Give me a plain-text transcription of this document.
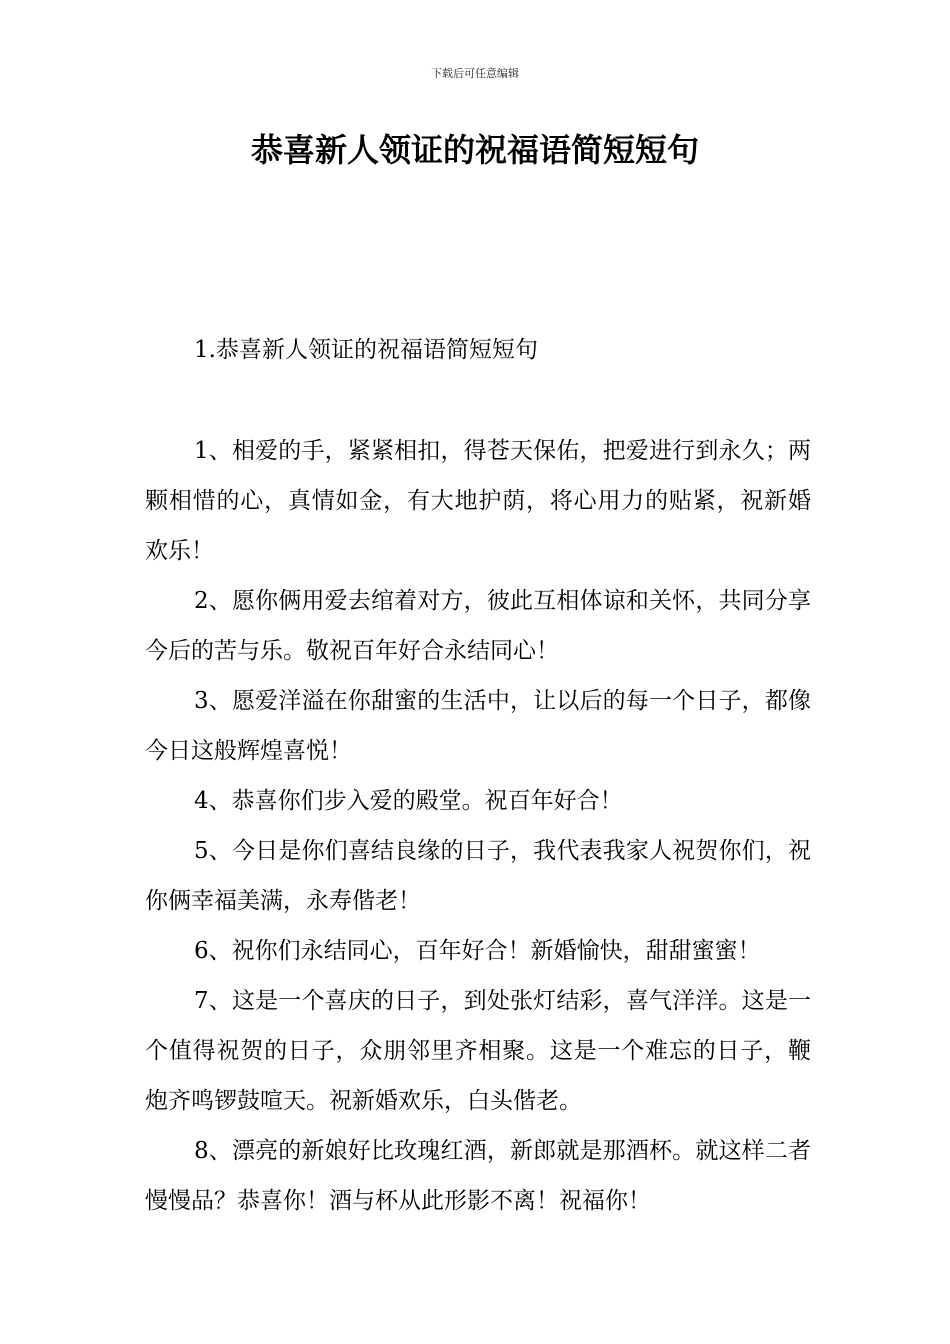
下载后可任意编辑
恭喜新人领证的祝福语简短短句
1.恭喜新人领证的祝福语简短短句

1、相爱的手，紧紧相扣，得苍天保佑，把爱进行到永久；两颗相惜的心，真情如金，有大地护荫，将心用力的贴紧，祝新婚欢乐！

2、愿你俩用爱去绾着对方，彼此互相体谅和关怀，共同分享今后的苦与乐。敬祝百年好合永结同心！

3、愿爱洋溢在你甜蜜的生活中，让以后的每一个日子，都像今日这般辉煌喜悦！

4、恭喜你们步入爱的殿堂。祝百年好合！

5、今日是你们喜结良缘的日子，我代表我家人祝贺你们，祝你俩幸福美满，永寿偕老！

6、祝你们永结同心，百年好合！新婚愉快，甜甜蜜蜜！

7、这是一个喜庆的日子，到处张灯结彩，喜气洋洋。这是一个值得祝贺的日子，众朋邻里齐相聚。这是一个难忘的日子，鞭炮齐鸣锣鼓喧天。祝新婚欢乐，白头偕老。

8、漂亮的新娘好比玫瑰红酒，新郎就是那酒杯。就这样二者慢慢品？恭喜你！酒与杯从此形影不离！祝福你！
